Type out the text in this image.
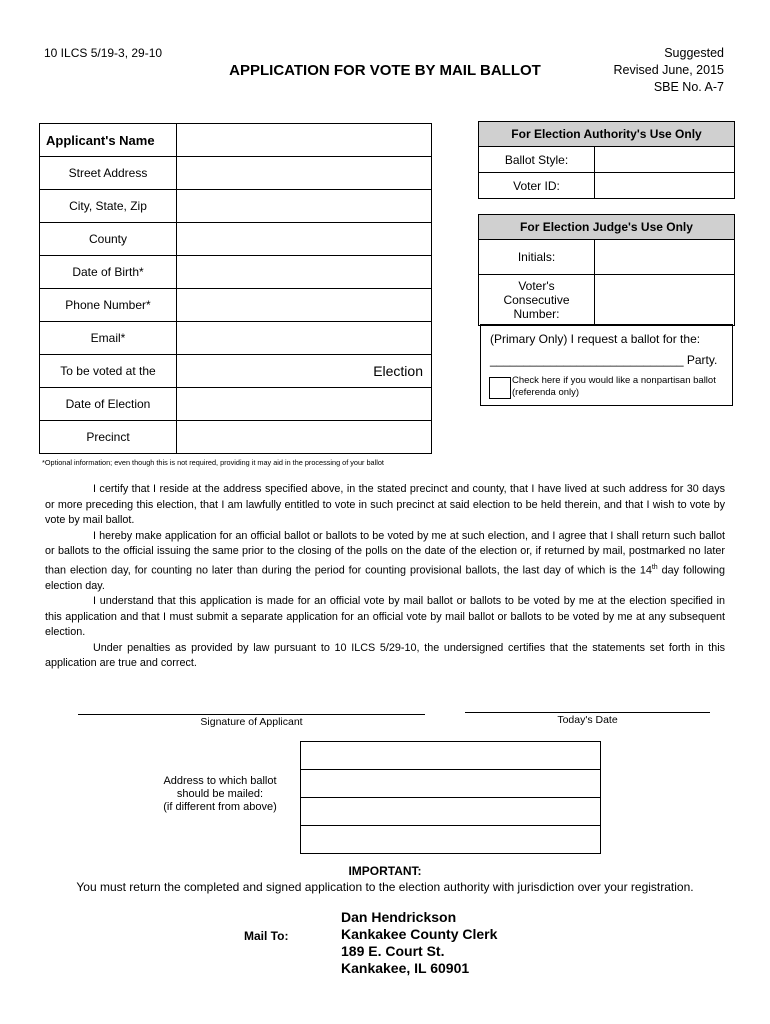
10 ILCS 5/19-3, 29-10
APPLICATION FOR VOTE BY MAIL BALLOT
Suggested
Revised June, 2015
SBE No. A-7
Applicant's Name	
Street Address	
City, State, Zip	
County	
Date of Birth*	
Phone Number*	
Email*	
To be voted at the	Election
Date of Election	
Precinct	
For Election Authority's Use Only
Ballot Style:
Voter ID:
For Election Judge's Use Only
Initials:
Voter's
Consecutive
Number:
(Primary Only) I request a ballot for the:
_____________________________ Party.
Check here if you would like a nonpartisan ballot (referenda only)
*Optional information; even though this is not required, providing it may aid in the processing of your ballot

I certify that I reside at the address specified above, in the stated precinct and county, that I have lived at such address for 30 days or more preceding this election, that I am lawfully entitled to vote in such precinct at said election to be held therein, and that I wish to vote by vote by mail ballot.

I hereby make application for an official ballot or ballots to be voted by me at such election, and I agree that I shall return such ballot or ballots to the official issuing the same prior to the closing of the polls on the date of the election or, if returned by mail, postmarked no later than election day, for counting no later than during the period for counting provisional ballots, the last day of which is the 14th day following election day.

I understand that this application is made for an official vote by mail ballot or ballots to be voted by me at the election specified in this application and that I must submit a separate application for an official vote by mail ballot or ballots to be voted by me at any subsequent election.

Under penalties as provided by law pursuant to 10 ILCS 5/29-10, the undersigned certifies that the statements set forth in this application are true and correct.

Signature of Applicant	Today's Date
Address to which ballot
should be mailed:
(if different from above)

IMPORTANT:
You must return the completed and signed application to the election authority with jurisdiction over your registration.
Mail To:
Dan Hendrickson
Kankakee County Clerk
189 E. Court St.
Kankakee, IL 60901
